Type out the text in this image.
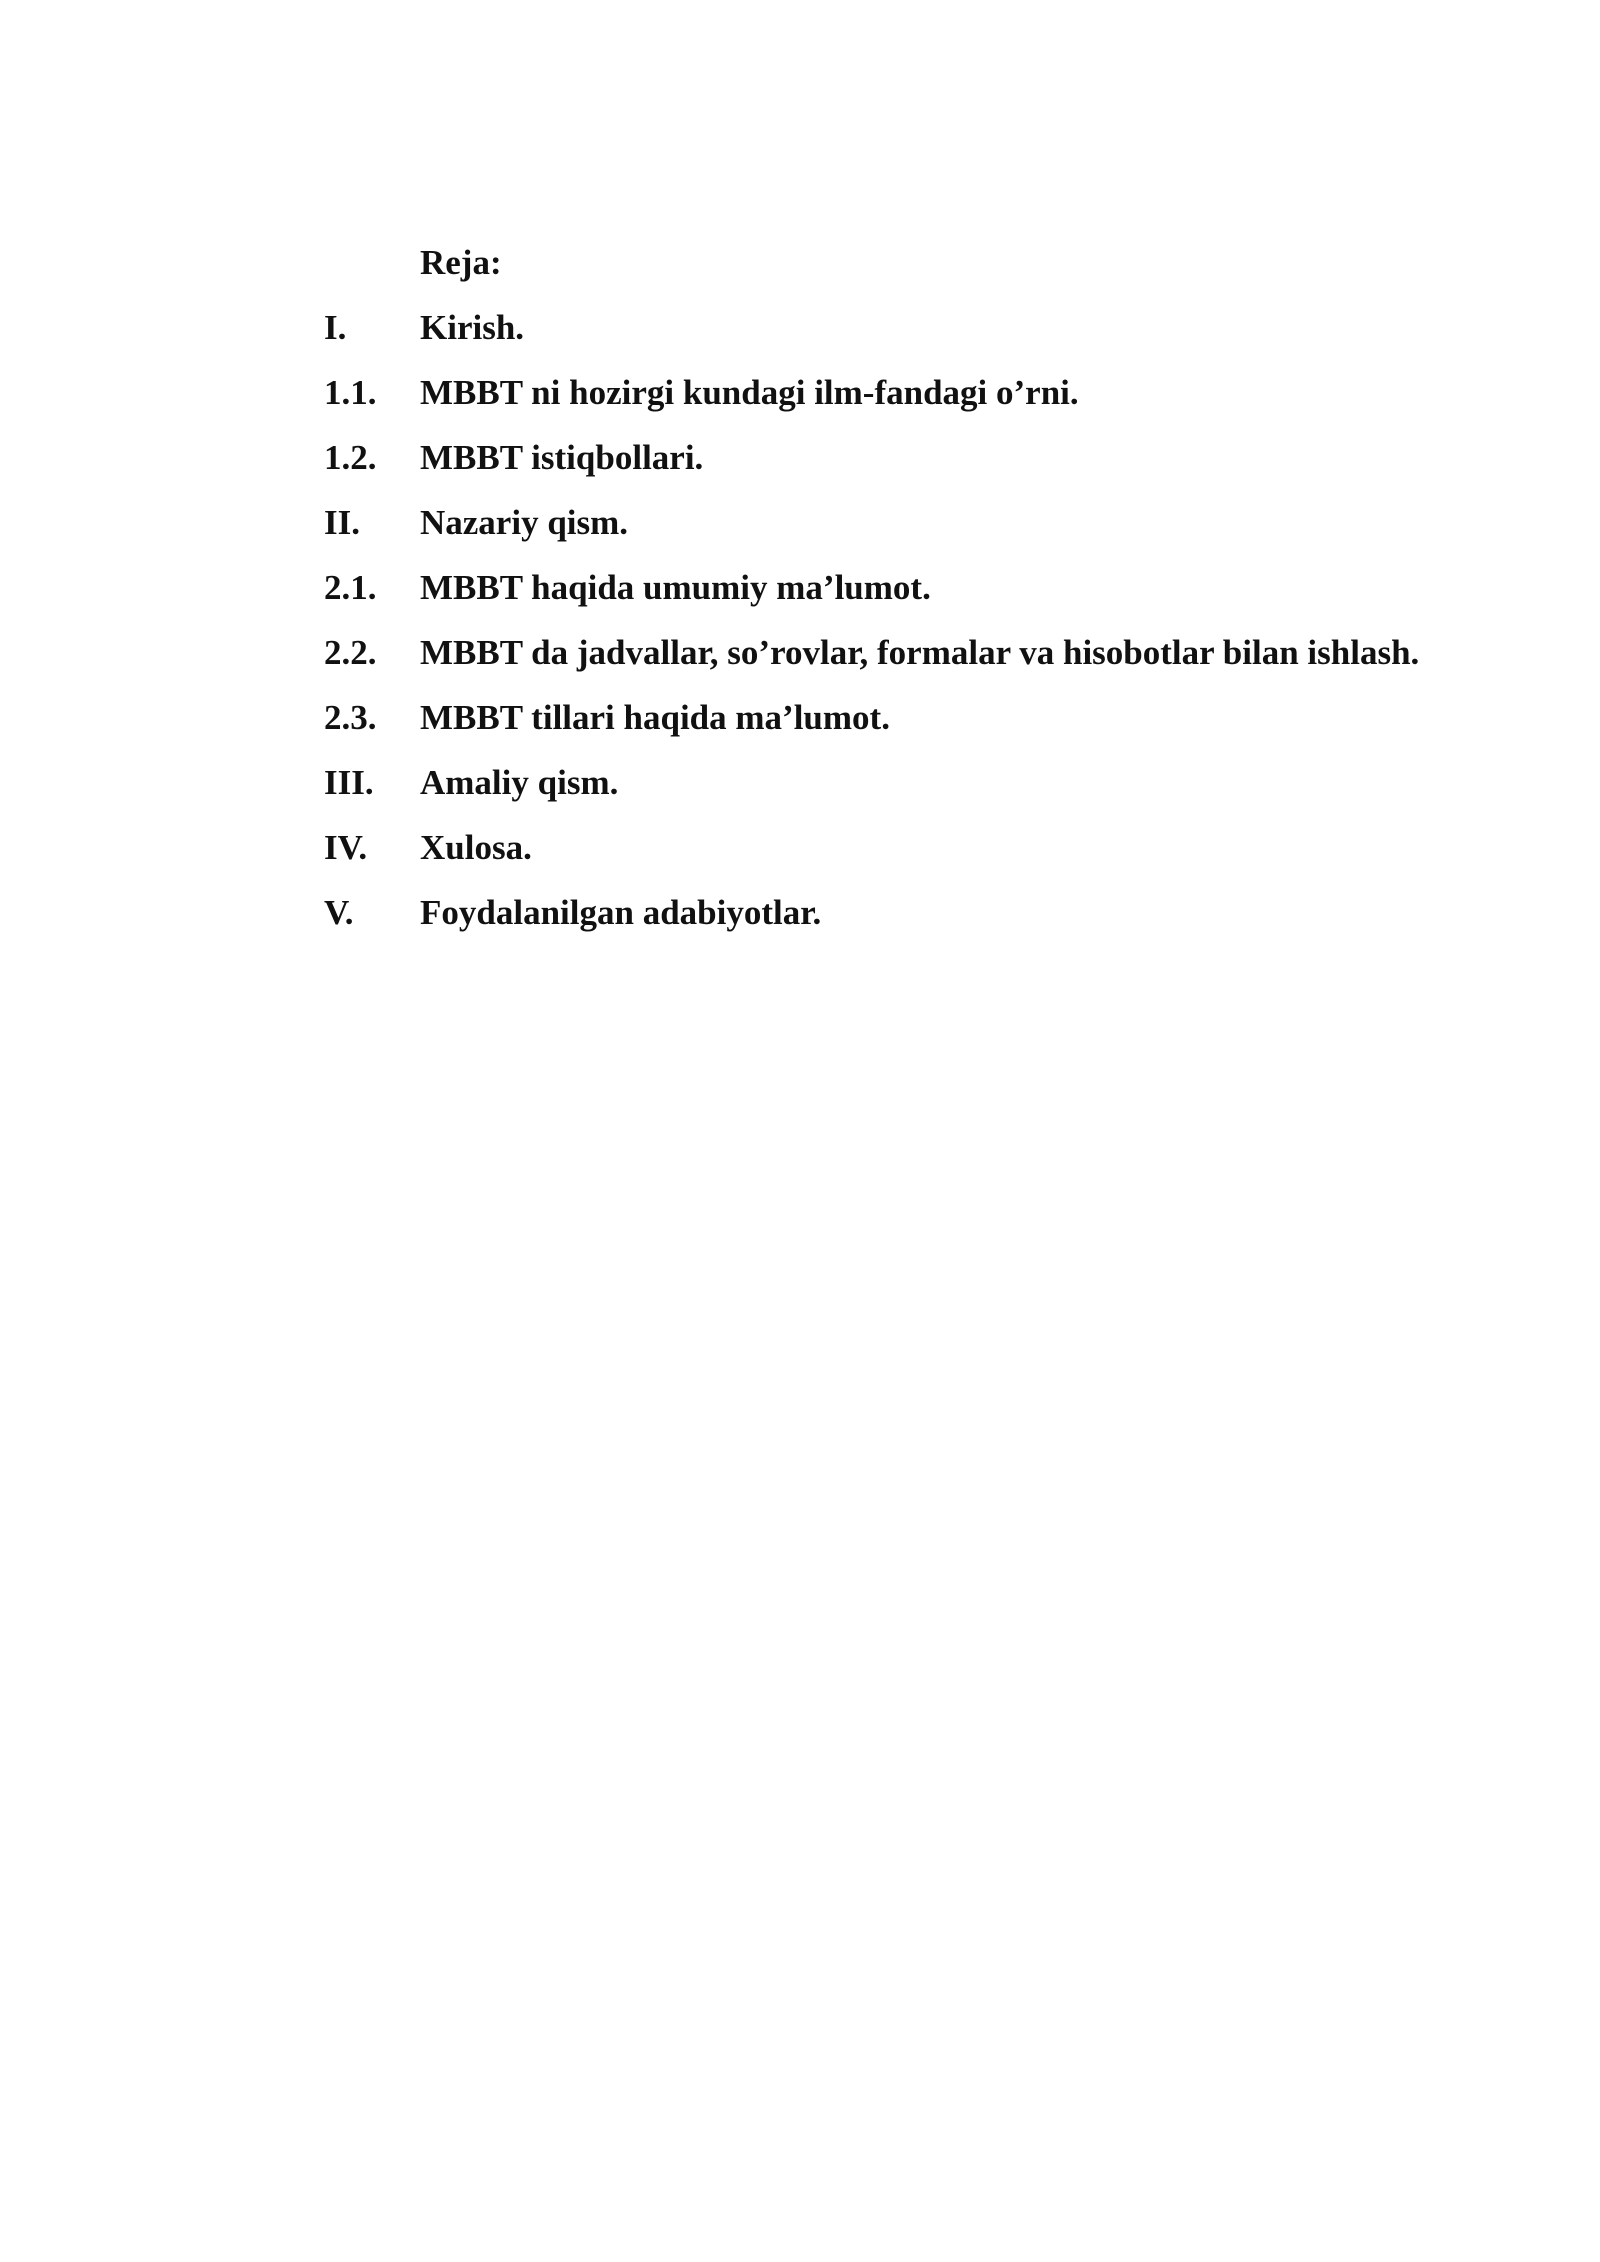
Reja:
I.	Kirish.
1.1.	MBBT ni hozirgi kundagi ilm-fandagi o’rni.
1.2.	MBBT istiqbollari.
II.	Nazariy qism.
2.1.	MBBT haqida umumiy ma’lumot.
2.2.	MBBT da jadvallar, so’rovlar, formalar va hisobotlar bilan ishlash.
2.3.	MBBT tillari haqida ma’lumot.
III.	Amaliy qism.
IV.	Xulosa.
V.	Foydalanilgan adabiyotlar.
